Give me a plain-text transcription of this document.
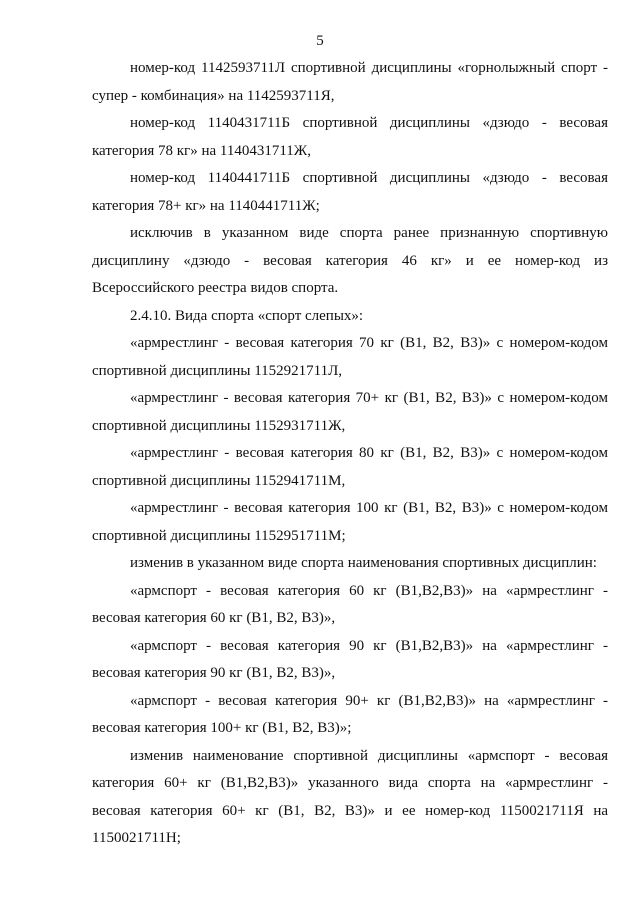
5
номер-код 1142593711Л спортивной дисциплины «горнолыжный спорт -
супер - комбинация» на 1142593711Я,
номер-код 1140431711Б спортивной дисциплины «дзюдо - весовая
категория 78 кг» на 1140431711Ж,
номер-код 1140441711Б спортивной дисциплины «дзюдо - весовая
категория 78+ кг» на 1140441711Ж;
исключив в указанном виде спорта ранее признанную спортивную
дисциплину «дзюдо - весовая категория 46 кг» и ее номер-код из
Всероссийского реестра видов спорта.
2.4.10. Вида спорта «спорт слепых»:
«армрестлинг - весовая категория 70 кг (В1, В2, В3)» с номером-кодом
спортивной дисциплины 1152921711Л,
«армрестлинг - весовая категория 70+ кг (В1, В2, В3)» с номером-кодом
спортивной дисциплины 1152931711Ж,
«армрестлинг - весовая категория 80 кг (В1, В2, В3)» с номером-кодом
спортивной дисциплины 1152941711М,
«армрестлинг - весовая категория 100 кг (В1, В2, В3)» с номером-кодом
спортивной дисциплины 1152951711М;
изменив в указанном виде спорта наименования спортивных дисциплин:
«армспорт - весовая категория 60 кг (В1,В2,В3)» на «армрестлинг -
весовая категория 60 кг (В1, В2, В3)»,
«армспорт - весовая категория 90 кг (В1,В2,В3)» на «армрестлинг -
весовая категория 90 кг (В1, В2, В3)»,
«армспорт - весовая категория 90+ кг (В1,В2,В3)» на «армрестлинг -
весовая категория 100+ кг (В1, В2, В3)»;
изменив наименование спортивной дисциплины «армспорт - весовая
категория 60+ кг (В1,В2,В3)» указанного вида спорта на «армрестлинг -
весовая категория 60+ кг (В1, В2, В3)» и ее номер-код 1150021711Я на
1150021711Н;
